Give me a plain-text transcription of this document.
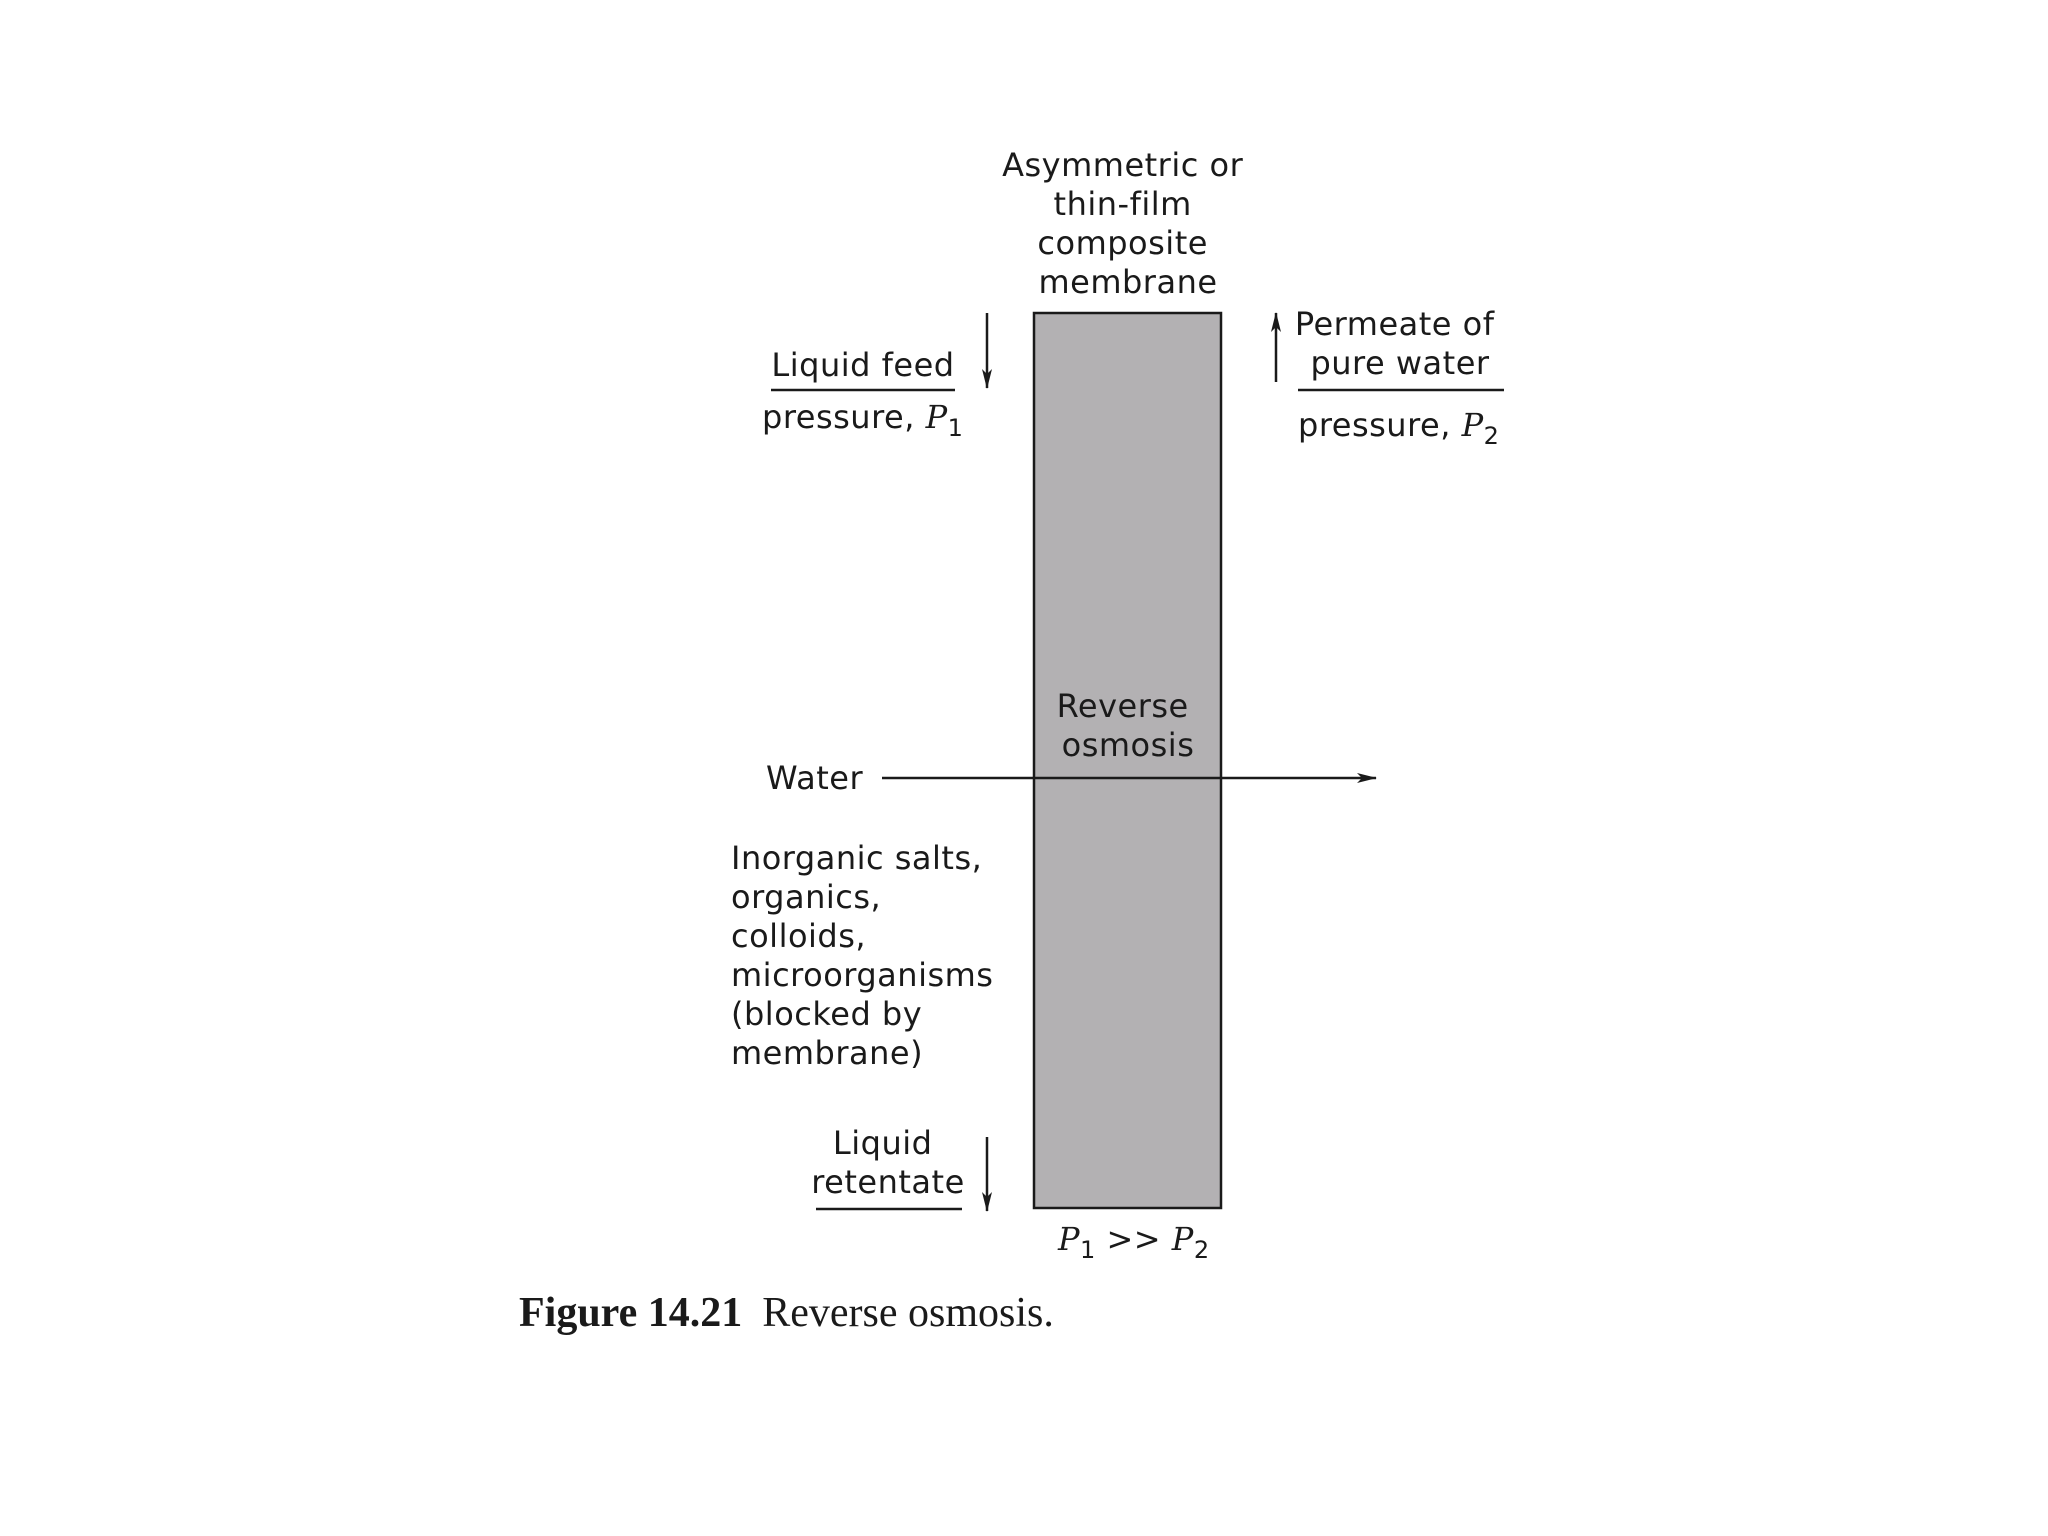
Asymmetric or thin-film composite membrane
Reverse osmosis
Liquid feed
pressure, $P_1$
Permeate of pure water
pressure, $P_2$
Water
Inorganic salts, organics, colloids, microorganisms (blocked by membrane)
Liquid retentate
$P_1 >> P_2$
Figure 14.21 Reverse osmosis.
